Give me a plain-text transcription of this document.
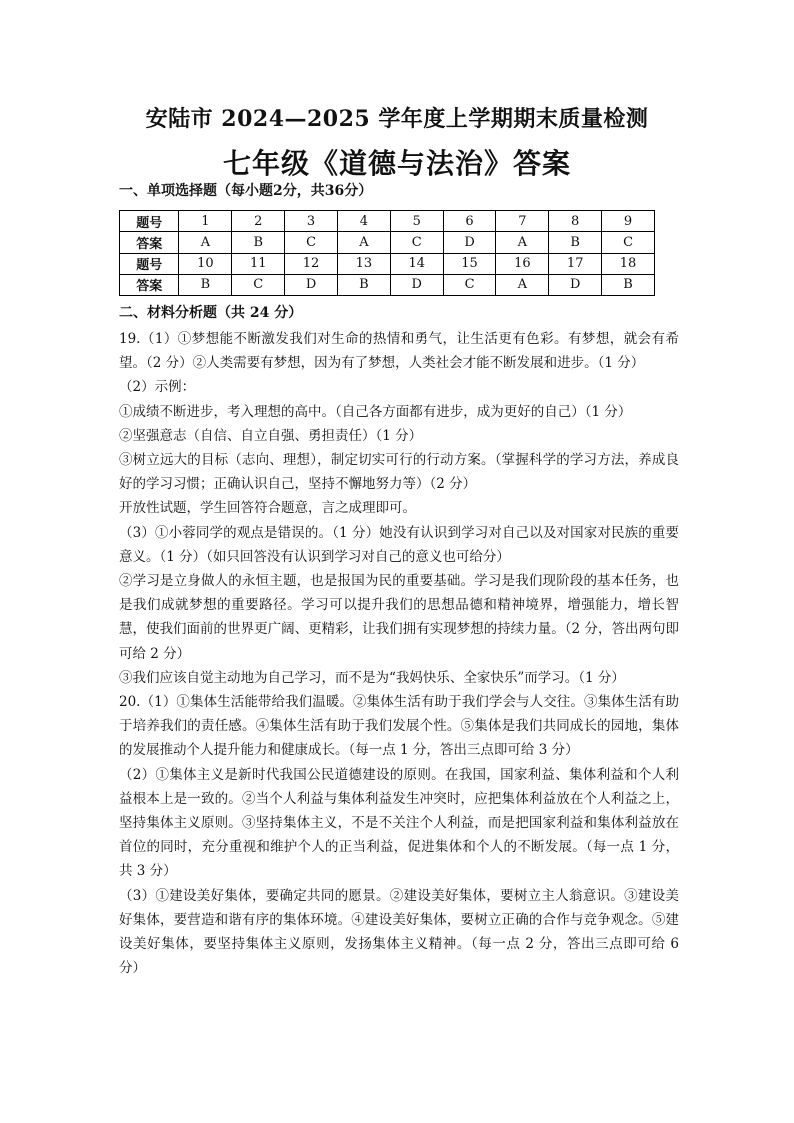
安陆市 2024—2025 学年度上学期期末质量检测
七年级《道德与法治》答案
一、单项选择题（每小题2分，共36分）
题号	1	2	3	4	5	6	7	8	9
答案	A	B	C	A	C	D	A	B	C
题号	10	11	12	13	14	15	16	17	18
答案	B	C	D	B	D	C	A	D	B
二、材料分析题（共 24 分）

19.（1）①梦想能不断激发我们对生命的热情和勇气，让生活更有色彩。有梦想，就会有希望。（2 分）②人类需要有梦想，因为有了梦想，人类社会才能不断发展和进步。（1 分）

（2）示例：

①成绩不断进步，考入理想的高中。（自己各方面都有进步，成为更好的自己）（1 分）

②坚强意志（自信、自立自强、勇担责任）（1 分）

③树立远大的目标（志向、理想），制定切实可行的行动方案。（掌握科学的学习方法，养成良好的学习习惯；正确认识自己，坚持不懈地努力等）（2 分）

开放性试题，学生回答符合题意，言之成理即可。

（3）①小蓉同学的观点是错误的。（1 分）她没有认识到学习对自己以及对国家对民族的重要意义。（1 分）（如只回答没有认识到学习对自己的意义也可给分）

②学习是立身做人的永恒主题，也是报国为民的重要基础。学习是我们现阶段的基本任务，也是我们成就梦想的重要路径。学习可以提升我们的思想品德和精神境界，增强能力，增长智慧，使我们面前的世界更广阔、更精彩，让我们拥有实现梦想的持续力量。（2 分，答出两句即可给 2 分）

③我们应该自觉主动地为自己学习，而不是为“我妈快乐、全家快乐”而学习。（1 分）

20.（1）①集体生活能带给我们温暖。②集体生活有助于我们学会与人交往。③集体生活有助于培养我们的责任感。④集体生活有助于我们发展个性。⑤集体是我们共同成长的园地，集体的发展推动个人提升能力和健康成长。（每一点 1 分，答出三点即可给 3 分）

（2）①集体主义是新时代我国公民道德建设的原则。在我国，国家利益、集体利益和个人利益根本上是一致的。②当个人利益与集体利益发生冲突时，应把集体利益放在个人利益之上，坚持集体主义原则。③坚持集体主义，不是不关注个人利益，而是把国家利益和集体利益放在首位的同时，充分重视和维护个人的正当利益，促进集体和个人的不断发展。（每一点 1 分，共 3 分）

（3）①建设美好集体，要确定共同的愿景。②建设美好集体，要树立主人翁意识。③建设美好集体，要营造和谐有序的集体环境。④建设美好集体，要树立正确的合作与竞争观念。⑤建设美好集体，要坚持集体主义原则，发扬集体主义精神。（每一点 2 分，答出三点即可给 6 分）
